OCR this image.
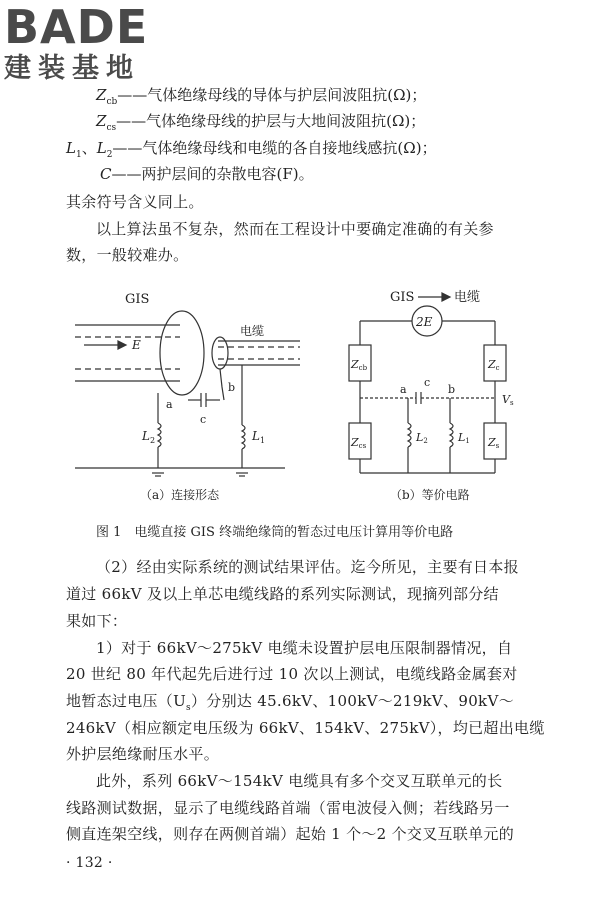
BADE
建装基地
$Z_{cb}——$气体绝缘母线的导体与护层间波阻抗(Ω)；
$Z_{cs}——$气体绝缘母线的护层与大地间波阻抗(Ω)；
$L_1$、$L_2——$气体绝缘母线和电缆的各自接地线感抗(Ω)；
C——两护层间的杂散电容(F)。
其余符号含义同上。
以上算法虽不复杂，然而在工程设计中要确定准确的有关参
数，一般较难办。
GIS
E
电缆
$L_2$
a
c
b
$L_1$
（a）连接形态
GIS	电缆
2E
Zcb	Zc
a
c
b
Vs
Zcs	Zs
L2	L1
（b）等价电路
图 1　电缆直接 GIS 终端绝缘筒的暂态过电压计算用等价电路
（2）经由实际系统的测试结果评估。迄今所见，主要有日本报
道过 66kV 及以上单芯电缆线路的系列实际测试，现摘列部分结
果如下：
1）对于 66kV～275kV 电缆未设置护层电压限制器情况，自
20 世纪 80 年代起先后进行过 10 次以上测试，电缆线路金属套对
地暂态过电压$(U_s)$分别达 45.6kV、100kV～219kV、90kV～
246kV（相应额定电压级为 66kV、154kV、275kV），均已超出电缆
外护层绝缘耐压水平。
此外，系列 66kV～154kV 电缆具有多个交叉互联单元的长
线路测试数据，显示了电缆线路首端（雷电波侵入侧；若线路另一
侧直连架空线，则存在两侧首端）起始 1 个～2 个交叉互联单元的
· 132 ·
